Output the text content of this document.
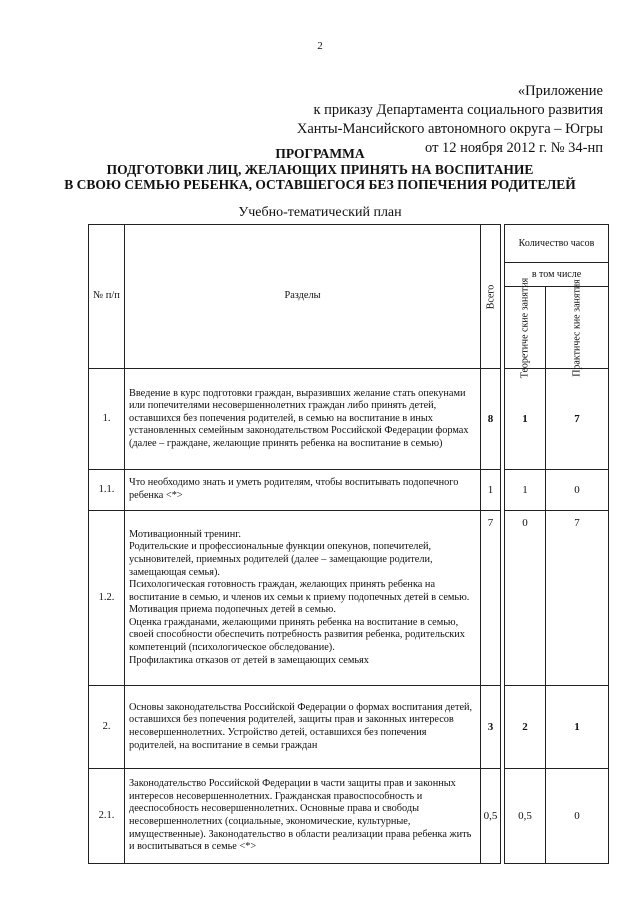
2
«Приложение
к приказу Департамента социального развития
Ханты-Мансийского автономного округа – Югры
от 12 ноября 2012 г. № 34-нп
ПРОГРАММА
ПОДГОТОВКИ ЛИЦ, ЖЕЛАЮЩИХ ПРИНЯТЬ НА ВОСПИТАНИЕ
В СВОЮ СЕМЬЮ РЕБЕНКА, ОСТАВШЕГОСЯ БЕЗ ПОПЕЧЕНИЯ РОДИТЕЛЕЙ
Учебно-тематический план
№ п/п	Разделы	Всего		Количество часов	
				в том числе	

				Теоретиче ские занятия	Практичес кие занятия

1.	Введение в курс подготовки граждан, выразивших желание стать опекунами или попечителями несовершеннолетних граждан либо принять детей, оставшихся без попечения родителей, в семью на воспитание в иных установленных семейным законодательством Российской Федерации формах (далее – граждане, желающие принять ребенка на воспитание в семью)	8		1	7
1.1.	Что необходимо знать и уметь родителям, чтобы воспитывать подопечного ребенка <*>	1		1	0
1.2.	Мотивационный тренинг.
Родительские и профессиональные функции опекунов, попечителей, усыновителей, приемных родителей (далее – замещающие родители, замещающая семья).
Психологическая готовность граждан, желающих принять ребенка на воспитание в семью, и членов их семьи к приему подопечных детей в семью. Мотивация приема подопечных детей в семью.
Оценка гражданами, желающими принять ребенка на воспитание в семью, своей способности обеспечить потребность развития ребенка, родительских компетенций (психологическое обследование).
Профилактика отказов от детей в замещающих семьях	7		0	7
2.	Основы законодательства Российской Федерации о формах воспитания детей, оставшихся без попечения родителей, защиты прав и законных интересов несовершеннолетних. Устройство детей, оставшихся без попечения родителей, на воспитание в семьи граждан	3		2	1
2.1.	Законодательство Российской Федерации в части защиты прав и законных интересов несовершеннолетних. Гражданская правоспособность и дееспособность несовершеннолетних. Основные права и свободы несовершеннолетних (социальные, экономические, культурные, имущественные). Законодательство в области реализации права ребенка жить и воспитываться в семье <*>	0,5		0,5	0
